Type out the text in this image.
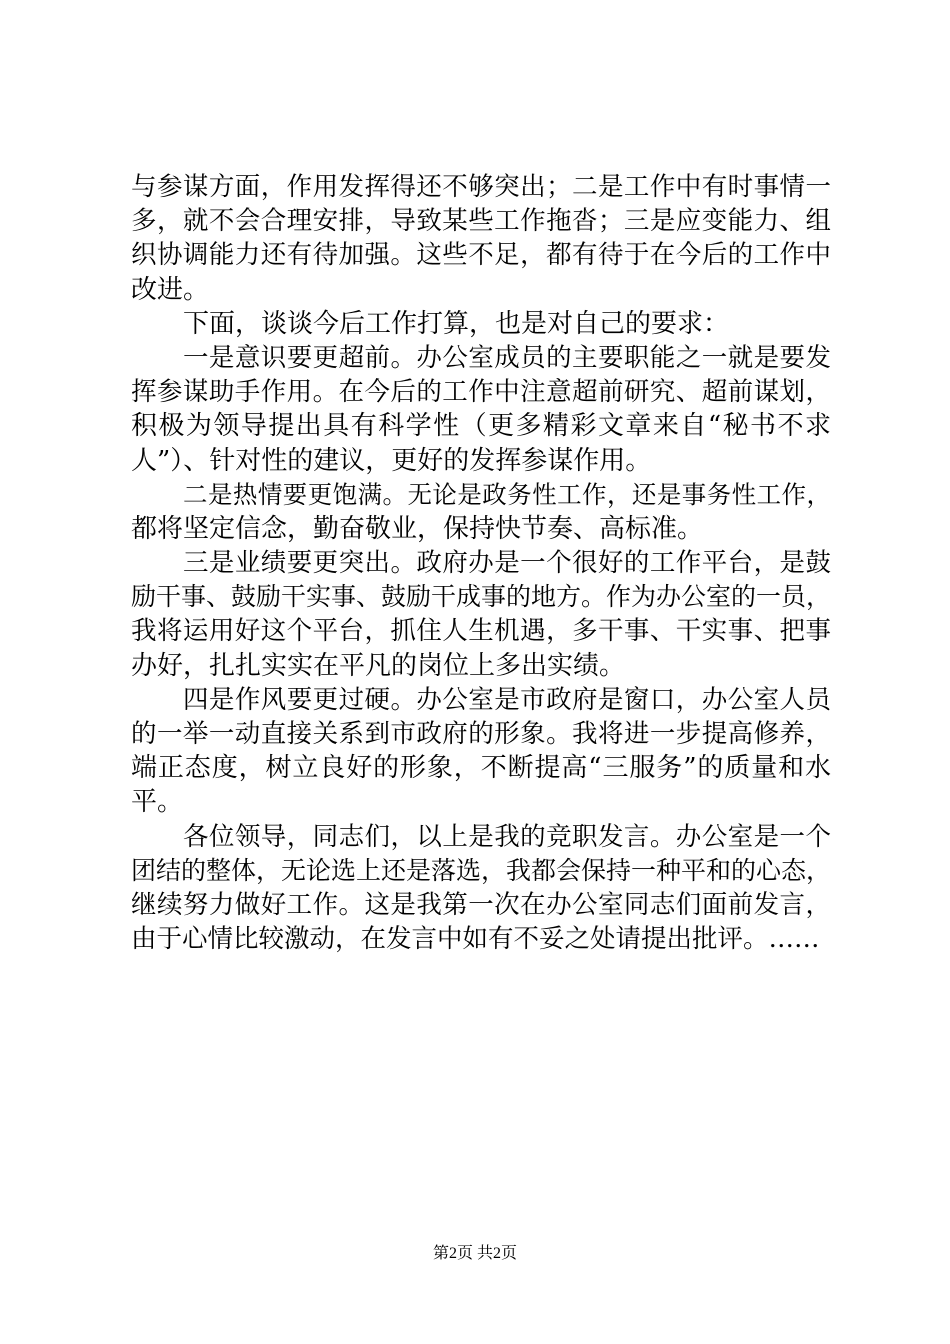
与参谋方面，作用发挥得还不够突出；二是工作中有时事情一
多，就不会合理安排，导致某些工作拖沓；三是应变能力、组
织协调能力还有待加强。这些不足，都有待于在今后的工作中
改进。
下面，谈谈今后工作打算，也是对自己的要求：
一是意识要更超前。办公室成员的主要职能之一就是要发
挥参谋助手作用。在今后的工作中注意超前研究、超前谋划，
积极为领导提出具有科学性（更多精彩文章来自“秘书不求
人”）、针对性的建议，更好的发挥参谋作用。
二是热情要更饱满。无论是政务性工作，还是事务性工作，
都将坚定信念，勤奋敬业，保持快节奏、高标准。
三是业绩要更突出。政府办是一个很好的工作平台，是鼓
励干事、鼓励干实事、鼓励干成事的地方。作为办公室的一员，
我将运用好这个平台，抓住人生机遇，多干事、干实事、把事
办好，扎扎实实在平凡的岗位上多出实绩。
四是作风要更过硬。办公室是市政府是窗口，办公室人员
的一举一动直接关系到市政府的形象。我将进一步提高修养，
端正态度，树立良好的形象，不断提高“三服务”的质量和水
平。
各位领导，同志们，以上是我的竞职发言。办公室是一个
团结的整体，无论选上还是落选，我都会保持一种平和的心态，
继续努力做好工作。这是我第一次在办公室同志们面前发言，
由于心情比较激动，在发言中如有不妥之处请提出批评。……
第2页 共2页
